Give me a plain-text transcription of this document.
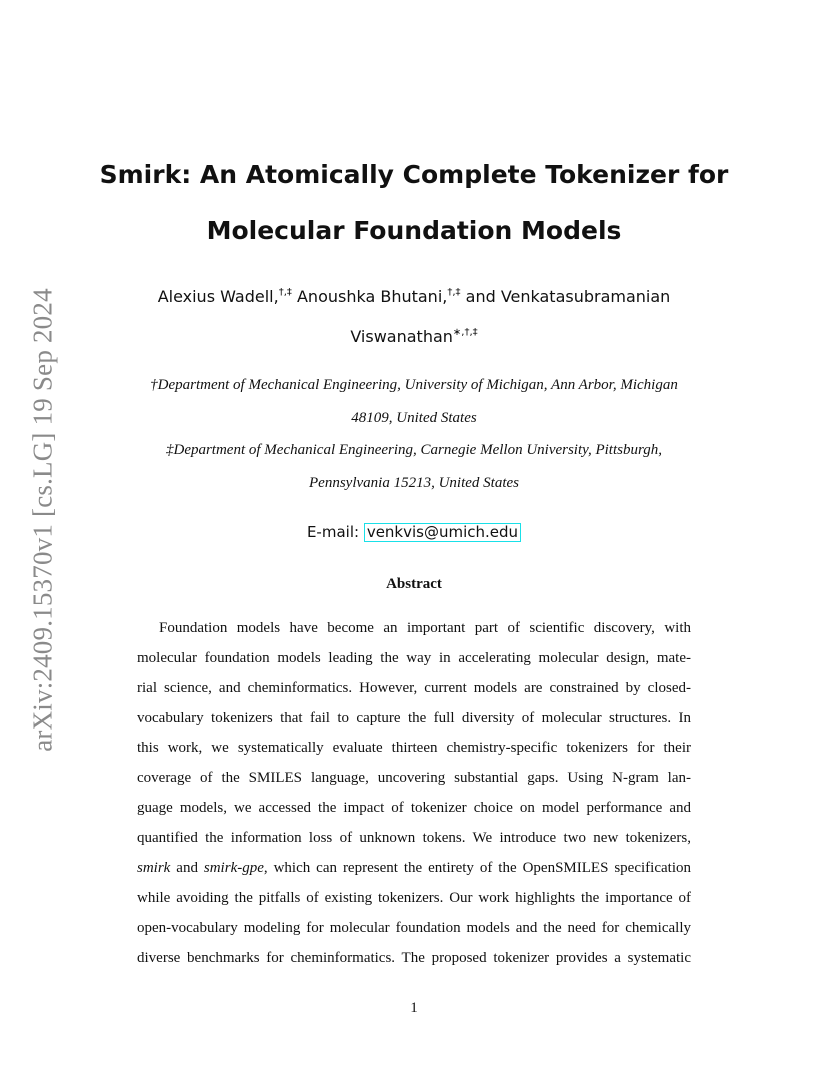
arXiv:2409.15370v1 [cs.LG] 19 Sep 2024
Smirk: An Atomically Complete Tokenizer for
Molecular Foundation Models
Alexius Wadell,†,‡ Anoushka Bhutani,†,‡ and Venkatasubramanian
Viswanathan∗,†,‡
†Department of Mechanical Engineering, University of Michigan, Ann Arbor, Michigan
48109, United States
‡Department of Mechanical Engineering, Carnegie Mellon University, Pittsburgh,
Pennsylvania 15213, United States
E-mail: venkvis@umich.edu
Abstract
Foundation models have become an important part of scientific discovery, with
molecular foundation models leading the way in accelerating molecular design, mate-
rial science, and cheminformatics. However, current models are constrained by closed-
vocabulary tokenizers that fail to capture the full diversity of molecular structures. In
this work, we systematically evaluate thirteen chemistry-specific tokenizers for their
coverage of the SMILES language, uncovering substantial gaps. Using N-gram lan-
guage models, we accessed the impact of tokenizer choice on model performance and
quantified the information loss of unknown tokens. We introduce two new tokenizers,
smirk and smirk-gpe, which can represent the entirety of the OpenSMILES specification
while avoiding the pitfalls of existing tokenizers. Our work highlights the importance of
open-vocabulary modeling for molecular foundation models and the need for chemically
diverse benchmarks for cheminformatics. The proposed tokenizer provides a systematic
1
